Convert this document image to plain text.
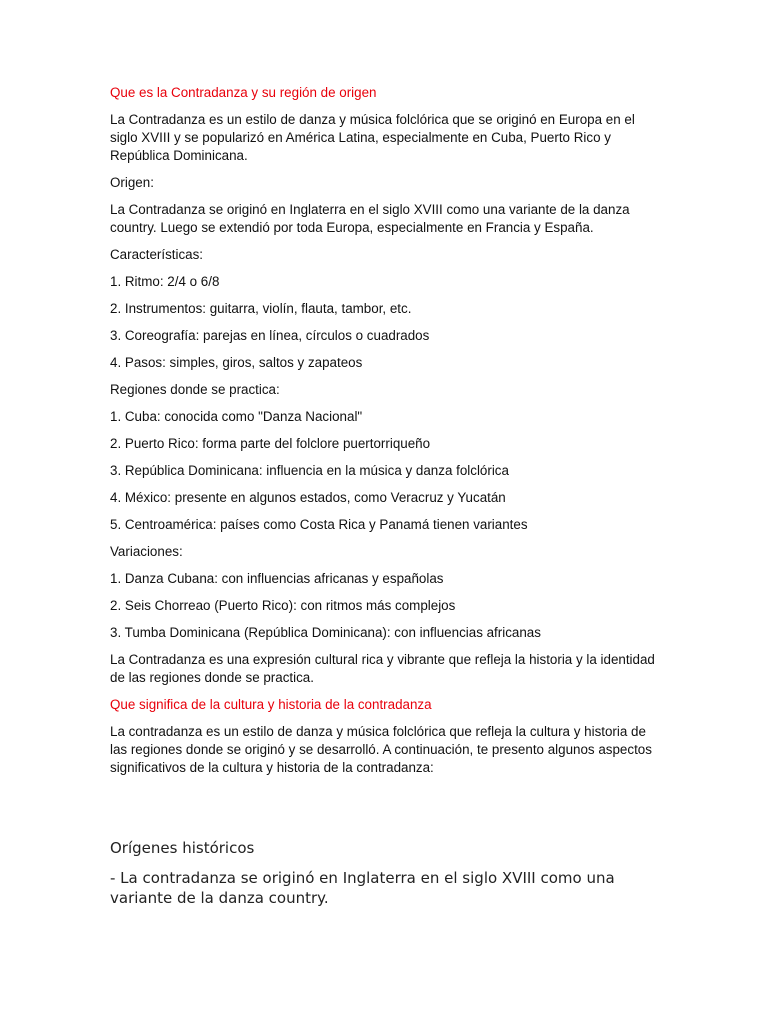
Que es la Contradanza y su región de origen

La Contradanza es un estilo de danza y música folclórica que se originó en Europa en el siglo XVIII y se popularizó en América Latina, especialmente en Cuba, Puerto Rico y República Dominicana.

Origen:

La Contradanza se originó en Inglaterra en el siglo XVIII como una variante de la danza country. Luego se extendió por toda Europa, especialmente en Francia y España.

Características:

1. Ritmo: 2/4 o 6/8

2. Instrumentos: guitarra, violín, flauta, tambor, etc.

3. Coreografía: parejas en línea, círculos o cuadrados

4. Pasos: simples, giros, saltos y zapateos

Regiones donde se practica:

1. Cuba: conocida como "Danza Nacional"

2. Puerto Rico: forma parte del folclore puertorriqueño

3. República Dominicana: influencia en la música y danza folclórica

4. México: presente en algunos estados, como Veracruz y Yucatán

5. Centroamérica: países como Costa Rica y Panamá tienen variantes

Variaciones:

1. Danza Cubana: con influencias africanas y españolas

2. Seis Chorreao (Puerto Rico): con ritmos más complejos

3. Tumba Dominicana (República Dominicana): con influencias africanas

La Contradanza es una expresión cultural rica y vibrante que refleja la historia y la identidad de las regiones donde se practica.

Que significa de la cultura y historia de la contradanza

La contradanza es un estilo de danza y música folclórica que refleja la cultura y historia de las regiones donde se originó y se desarrolló. A continuación, te presento algunos aspectos significativos de la cultura y historia de la contradanza:

Orígenes históricos

- La contradanza se originó en Inglaterra en el siglo XVIII como una variante de la danza country.
